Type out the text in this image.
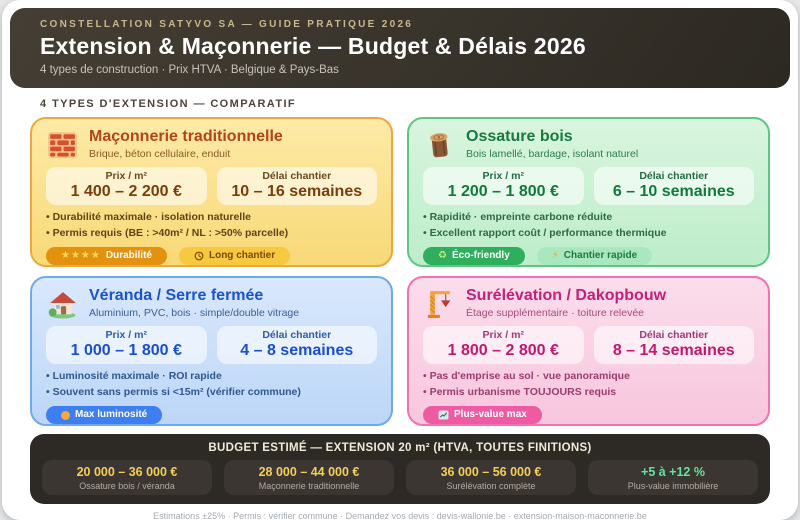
CONSTELLATION SATYVO SA — GUIDE PRATIQUE 2026
Extension & Maçonnerie — Budget & Délais 2026
4 types de construction · Prix HTVA · Belgique & Pays-Bas
4 TYPES D'EXTENSION — COMPARATIF
Maçonnerie traditionnelle
Brique, béton cellulaire, enduit
Prix / m²
1 400 – 2 200 €
Délai chantier
10 – 16 semaines
• Durabilité maximale · isolation naturelle
• Permis requis (BE : >40m² / NL : >50% parcelle)
★★★★ Durabilité	Long chantier
Ossature bois
Bois lamellé, bardage, isolant naturel
Prix / m²
1 200 – 1 800 €
Délai chantier
6 – 10 semaines
• Rapidité · empreinte carbone réduite
• Excellent rapport coût / performance thermique
♻ Éco-friendly	⚡ Chantier rapide
Véranda / Serre fermée
Aluminium, PVC, bois · simple/double vitrage
Prix / m²
1 000 – 1 800 €
Délai chantier
4 – 8 semaines
• Luminosité maximale · ROI rapide
• Souvent sans permis si <15m² (vérifier commune)
Max luminosité
Surélévation / Dakopbouw
Étage supplémentaire · toiture relevée
Prix / m²
1 800 – 2 800 €
Délai chantier
8 – 14 semaines
• Pas d'emprise au sol · vue panoramique
• Permis urbanisme TOUJOURS requis
Plus-value max
BUDGET ESTIMÉ — EXTENSION 20 m² (HTVA, TOUTES FINITIONS)
20 000 – 36 000 €
Ossature bois / véranda
28 000 – 44 000 €
Maçonnerie traditionnelle
36 000 – 56 000 €
Surélévation complète
+5 à +12 %
Plus-value immobilière
Estimations ±25% · Permis : vérifier commune · Demandez vos devis : devis-wallonie.be · extension-maison-maconnerie.be
